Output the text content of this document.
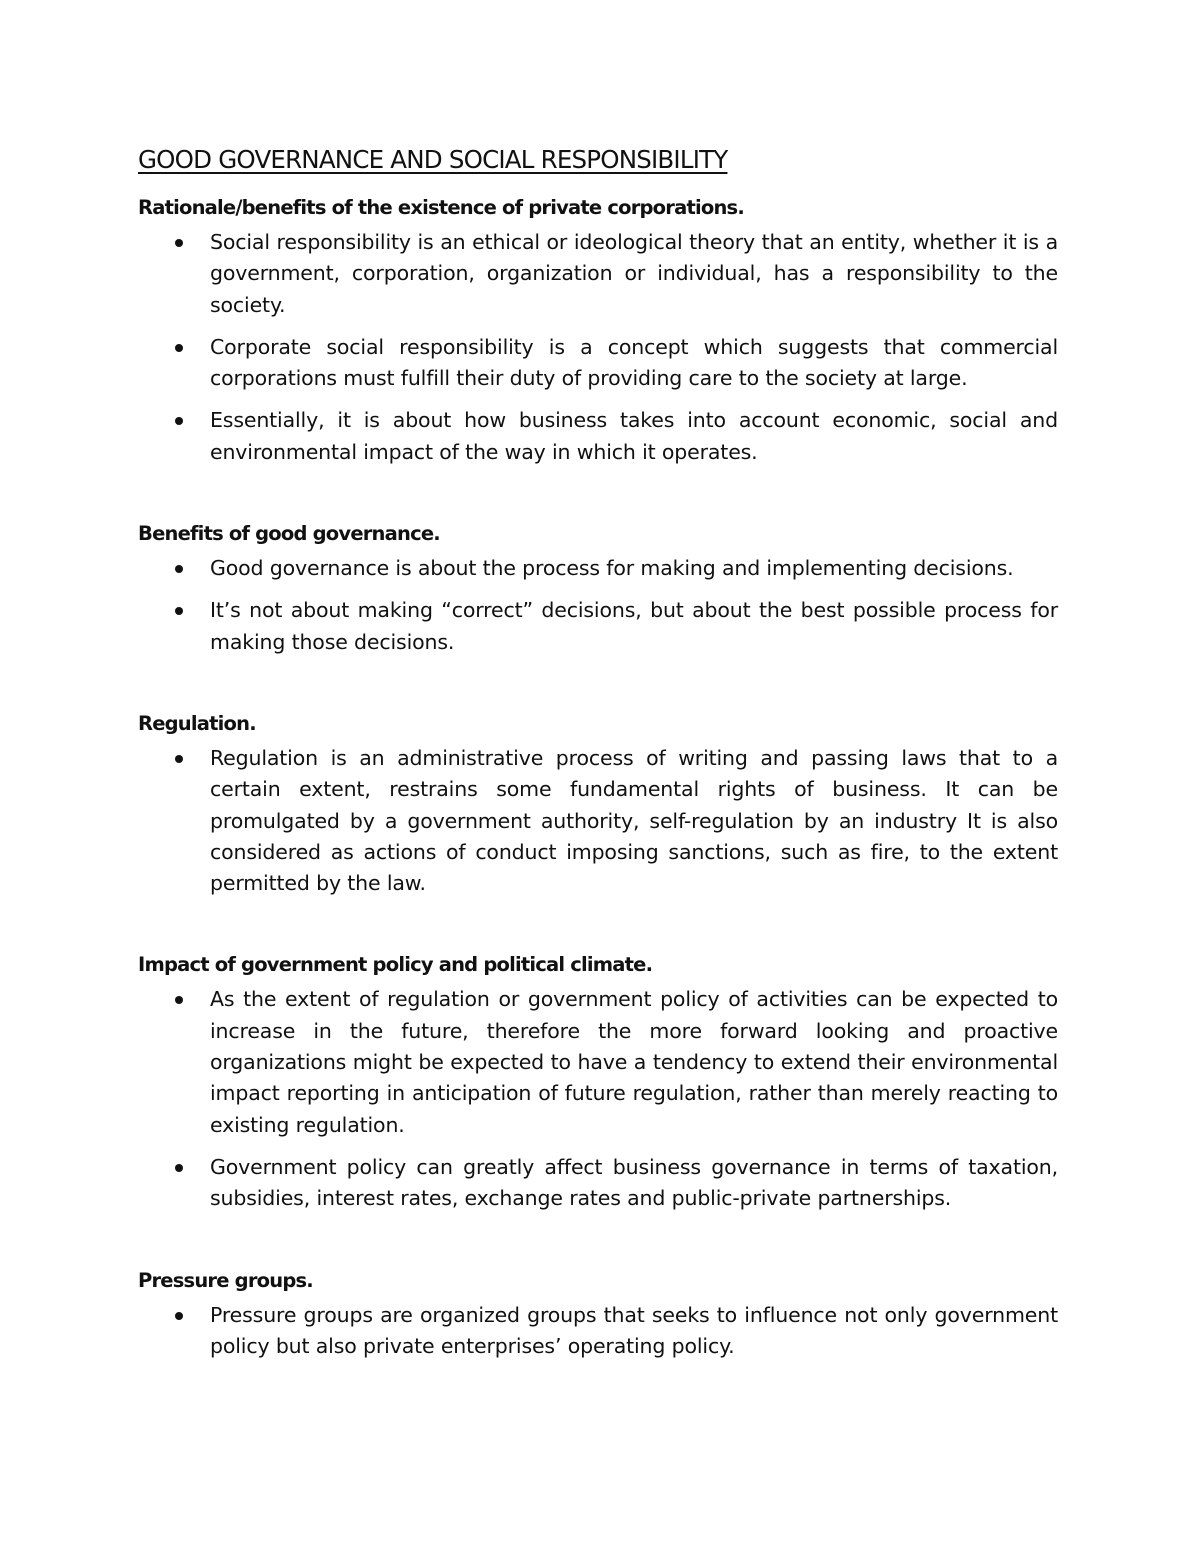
GOOD GOVERNANCE AND SOCIAL RESPONSIBILITY
Rationale/benefits of the existence of private corporations.
Social responsibility is an ethical or ideological theory that an entity, whether it is a government, corporation, organization or individual, has a responsibility to the society.
Corporate social responsibility is a concept which suggests that commercial corporations must fulfill their duty of providing care to the society at large.
Essentially, it is about how business takes into account economic, social and environmental impact of the way in which it operates.
Benefits of good governance.
Good governance is about the process for making and implementing decisions.
It’s not about making “correct” decisions, but about the best possible process for making those decisions.
Regulation.
Regulation is an administrative process of writing and passing laws that to a certain extent, restrains some fundamental rights of business. It can be promulgated by a government authority, self-regulation by an industry It is also considered as actions of conduct imposing sanctions, such as fire, to the extent permitted by the law.
Impact of government policy and political climate.
As the extent of regulation or government policy of activities can be expected to increase in the future, therefore the more forward looking and proactive organizations might be expected to have a tendency to extend their environmental impact reporting in anticipation of future regulation, rather than merely reacting to existing regulation.
Government policy can greatly affect business governance in terms of taxation, subsidies, interest rates, exchange rates and public-private partnerships.
Pressure groups.
Pressure groups are organized groups that seeks to influence not only government policy but also private enterprises’ operating policy.
